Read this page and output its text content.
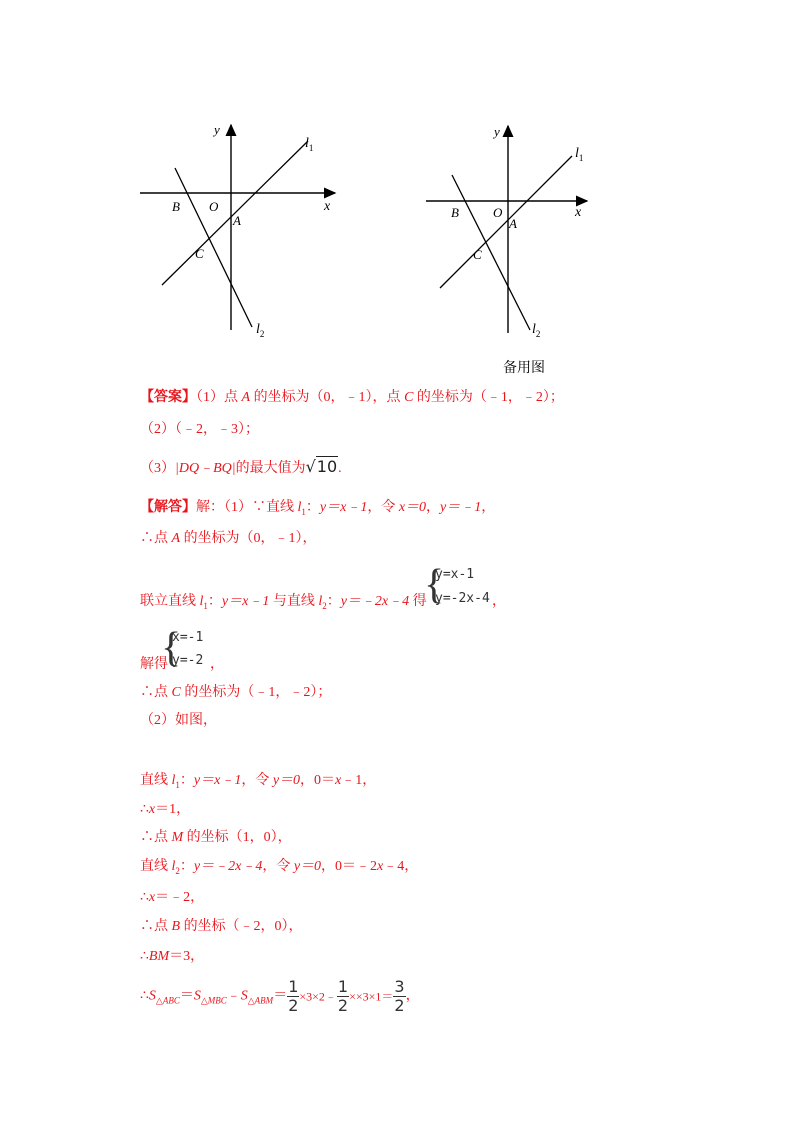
y
x
O
B
A
C
$l_1$
$l_2$
y
x
O
B
A
C
$l_1$
$l_2$
备用图
【答案】（1）点 A 的坐标为（0，﹣1），点 C 的坐标为（﹣1，﹣2）；
（2）（﹣2，﹣3）；
（3）|DQ﹣BQ|的最大值为√10.
【解答】解：（1）∵直线 $l_1$：y＝x﹣1，令 x＝0，y＝﹣1，
∴点 A 的坐标为（0，﹣1），
联立直线 $l_1$：y＝x﹣1 与直线 $l_2$：y＝﹣2x﹣4 得
{
y=x-1
y=-2x-4 ，
解得
{
x=-1
y=-2 ，
∴点 C 的坐标为（﹣1，﹣2）；
（2）如图，
直线 $l_1$：y＝x﹣1，令 y＝0，0＝x﹣1，
∴x＝1，
∴点 M 的坐标（1，0），
直线 $l_2$：y＝﹣2x﹣4，令 y＝0，0＝﹣2x﹣4，
∴x＝﹣2，
∴点 B 的坐标（﹣2，0），
∴BM＝3，
$\therefore S_{\triangle ABC}=S_{\triangle MBC}﹣S_{\triangle ABM}= \frac{1}{2}$ ×3×2﹣ $\frac{1}{2} \times\times 3\times 1= \frac{3}{2}$ ，
